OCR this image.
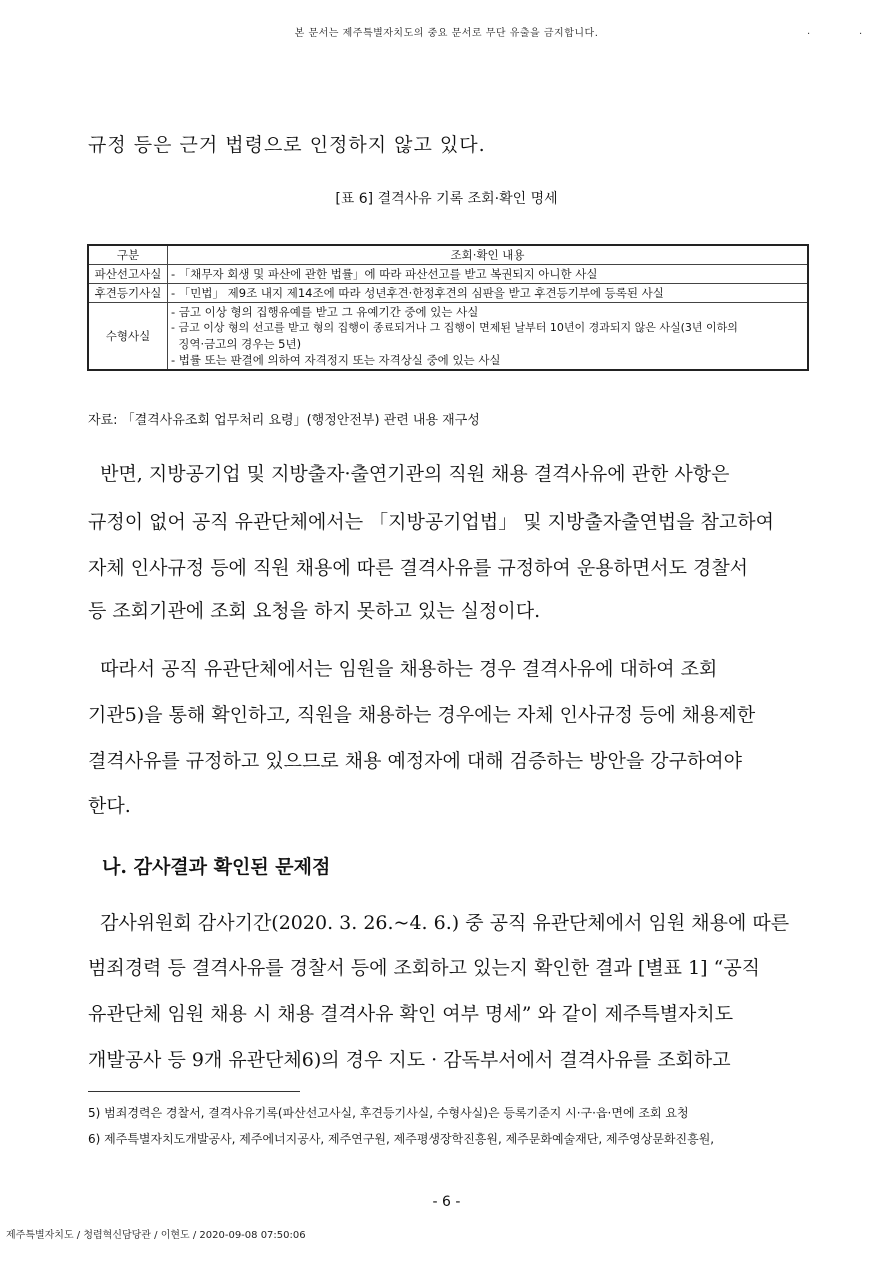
본 문서는 제주특별자치도의 중요 문서로 무단 유출을 금지합니다.	.	.
규정 등은 근거 법령으로 인정하지 않고 있다.
[표 6] 결격사유 기록 조회·확인 명세
구분	조회·확인 내용
파산선고사실	- 「채무자 회생 및 파산에 관한 법률」에 따라 파산선고를 받고 복권되지 아니한 사실

후견등기사실	- 「민법」 제9조 내지 제14조에 따라 성년후견·한정후견의 심판을 받고 후견등기부에 등록된 사실

수형사실	- 금고 이상 형의 집행유예를 받고 그 유예기간 중에 있는 사실
- 금고 이상 형의 선고를 받고 형의 집행이 종료되거나 그 집행이 면제된 날부터 10년이 경과되지 않은 사실(3년 이하의
징역·금고의 경우는 5년)
- 법률 또는 판결에 의하여 자격정지 또는 자격상실 중에 있는 사실
자료: 「결격사유조회 업무처리 요령」(행정안전부) 관련 내용 재구성
반면, 지방공기업 및 지방출자·출연기관의 직원 채용 결격사유에 관한 사항은
규정이 없어 공직 유관단체에서는 「지방공기업법」 및 지방출자출연법을 참고하여
자체 인사규정 등에 직원 채용에 따른 결격사유를 규정하여 운용하면서도 경찰서
등 조회기관에 조회 요청을 하지 못하고 있는 실정이다.
따라서 공직 유관단체에서는 임원을 채용하는 경우 결격사유에 대하여 조회
기관5)을 통해 확인하고, 직원을 채용하는 경우에는 자체 인사규정 등에 채용제한
결격사유를 규정하고 있으므로 채용 예정자에 대해 검증하는 방안을 강구하여야
한다.
나. 감사결과 확인된 문제점
감사위원회 감사기간(2020. 3. 26.~4. 6.) 중 공직 유관단체에서 임원 채용에 따른
범죄경력 등 결격사유를 경찰서 등에 조회하고 있는지 확인한 결과 [별표 1] “공직
유관단체 임원 채용 시 채용 결격사유 확인 여부 명세” 와 같이 제주특별자치도
개발공사 등 9개 유관단체6)의 경우 지도 · 감독부서에서 결격사유를 조회하고
5) 범죄경력은 경찰서, 결격사유기록(파산선고사실, 후견등기사실, 수형사실)은 등록기준지 시·구·읍·면에 조회 요청
6) 제주특별자치도개발공사, 제주에너지공사, 제주연구원, 제주평생장학진흥원, 제주문화예술재단, 제주영상문화진흥원,
- 6 -
제주특별자치도 / 청렴혁신담당관 / 이현도 / 2020-09-08 07:50:06
